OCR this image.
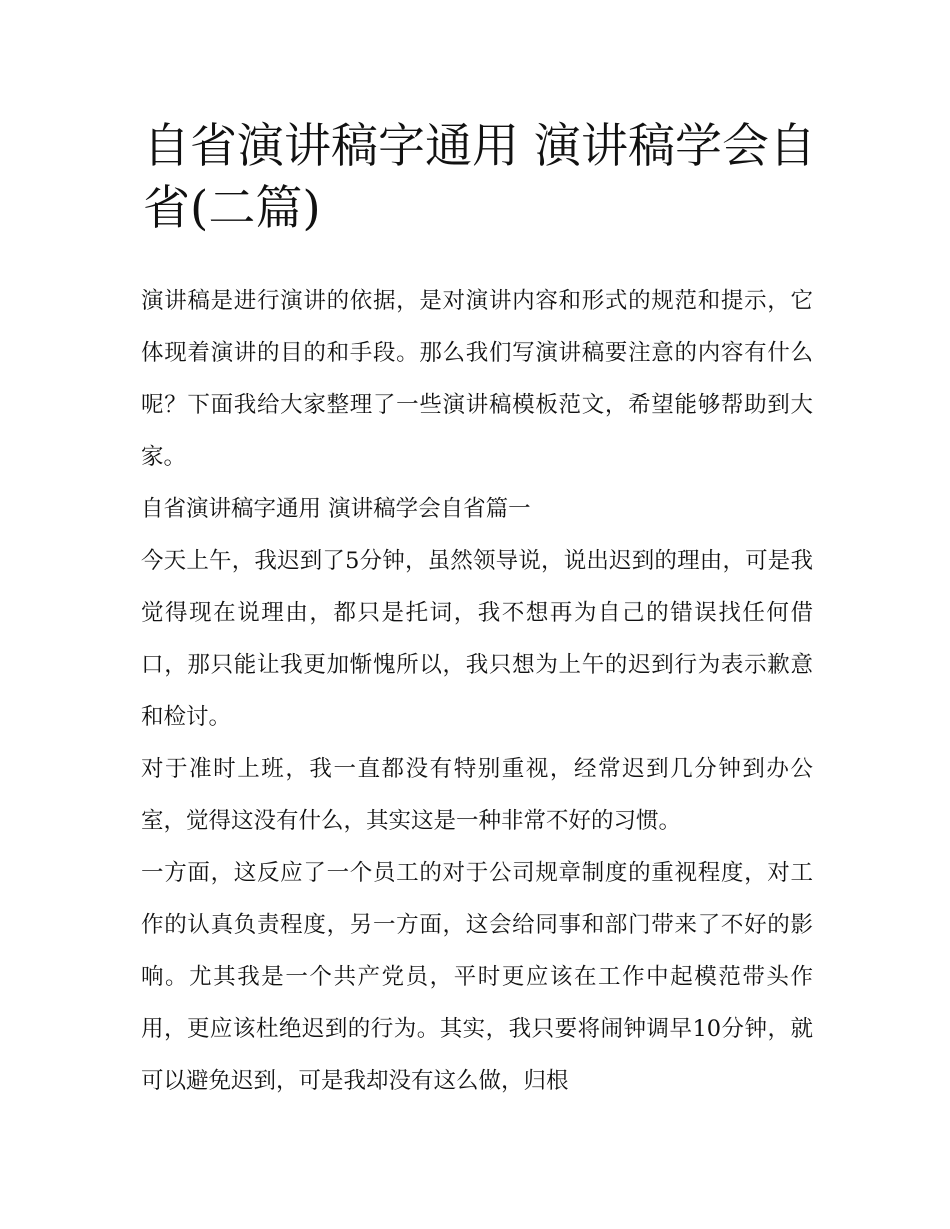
自省演讲稿字通用 演讲稿学会自省(二篇)

演讲稿是进行演讲的依据，是对演讲内容和形式的规范和提示，它体现着演讲的目的和手段。那么我们写演讲稿要注意的内容有什么呢？下面我给大家整理了一些演讲稿模板范文，希望能够帮助到大家。

自省演讲稿字通用 演讲稿学会自省篇一

今天上午，我迟到了5分钟，虽然领导说，说出迟到的理由，可是我觉得现在说理由，都只是托词，我不想再为自己的错误找任何借口，那只能让我更加惭愧所以，我只想为上午的迟到行为表示歉意和检讨。

对于准时上班，我一直都没有特别重视，经常迟到几分钟到办公室，觉得这没有什么，其实这是一种非常不好的习惯。

一方面，这反应了一个员工的对于公司规章制度的重视程度，对工作的认真负责程度，另一方面，这会给同事和部门带来了不好的影响。尤其我是一个共产党员，平时更应该在工作中起模范带头作用，更应该杜绝迟到的行为。其实，我只要将闹钟调早10分钟，就可以避免迟到，可是我却没有这么做，归根
